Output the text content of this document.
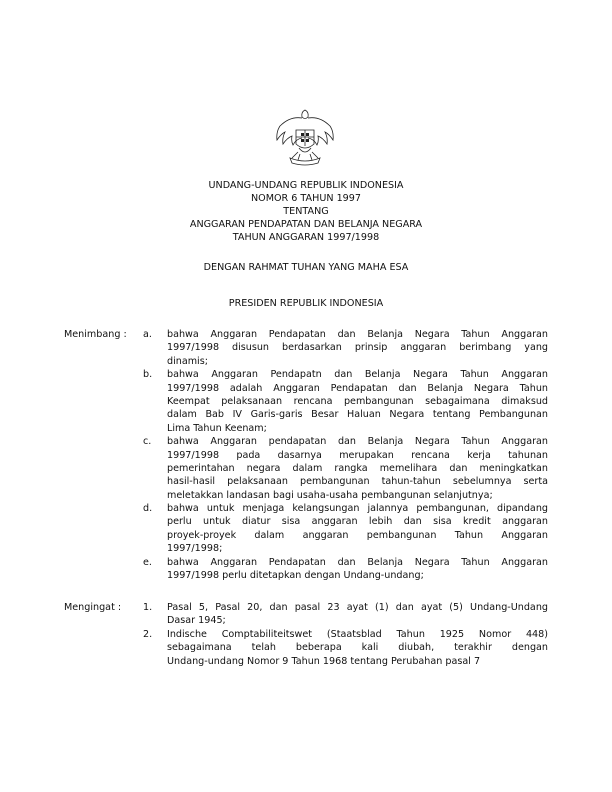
UNDANG-UNDANG REPUBLIK INDONESIA
NOMOR 6 TAHUN 1997
TENTANG
ANGGARAN PENDAPATAN DAN BELANJA NEGARA
TAHUN ANGGARAN 1997/1998
DENGAN RAHMAT TUHAN YANG MAHA ESA
PRESIDEN REPUBLIK INDONESIA
Menimbang :	a. bahwa Anggaran Pendapatan dan Belanja Negara Tahun Anggaran
1997/1998 disusun berdasarkan prinsip anggaran berimbang yang
dinamis;
b. bahwa Anggaran Pendapatn dan Belanja Negara Tahun Anggaran
1997/1998 adalah Anggaran Pendapatan dan Belanja Negara Tahun
Keempat pelaksanaan rencana pembangunan sebagaimana dimaksud
dalam Bab IV Garis-garis Besar Haluan Negara tentang Pembangunan
Lima Tahun Keenam;
c. bahwa Anggaran pendapatan dan Belanja Negara Tahun Anggaran
1997/1998 pada dasarnya merupakan rencana kerja tahunan
pemerintahan negara dalam rangka memelihara dan meningkatkan
hasil-hasil pelaksanaan pembangunan tahun-tahun sebelumnya serta
meletakkan landasan bagi usaha-usaha pembangunan selanjutnya;
d. bahwa untuk menjaga kelangsungan jalannya pembangunan, dipandang
perlu untuk diatur sisa anggaran lebih dan sisa kredit anggaran
proyek-proyek dalam anggaran pembangunan Tahun Anggaran
1997/1998;
e. bahwa Anggaran Pendapatan dan Belanja Negara Tahun Anggaran
1997/1998 perlu ditetapkan dengan Undang-undang;
Mengingat :	1. Pasal 5, Pasal 20, dan pasal 23 ayat (1) dan ayat (5) Undang-Undang
Dasar 1945;
2. Indische Comptabiliteitswet (Staatsblad Tahun 1925 Nomor 448)
sebagaimana telah beberapa kali diubah, terakhir dengan
Undang-undang Nomor 9 Tahun 1968 tentang Perubahan pasal 7
